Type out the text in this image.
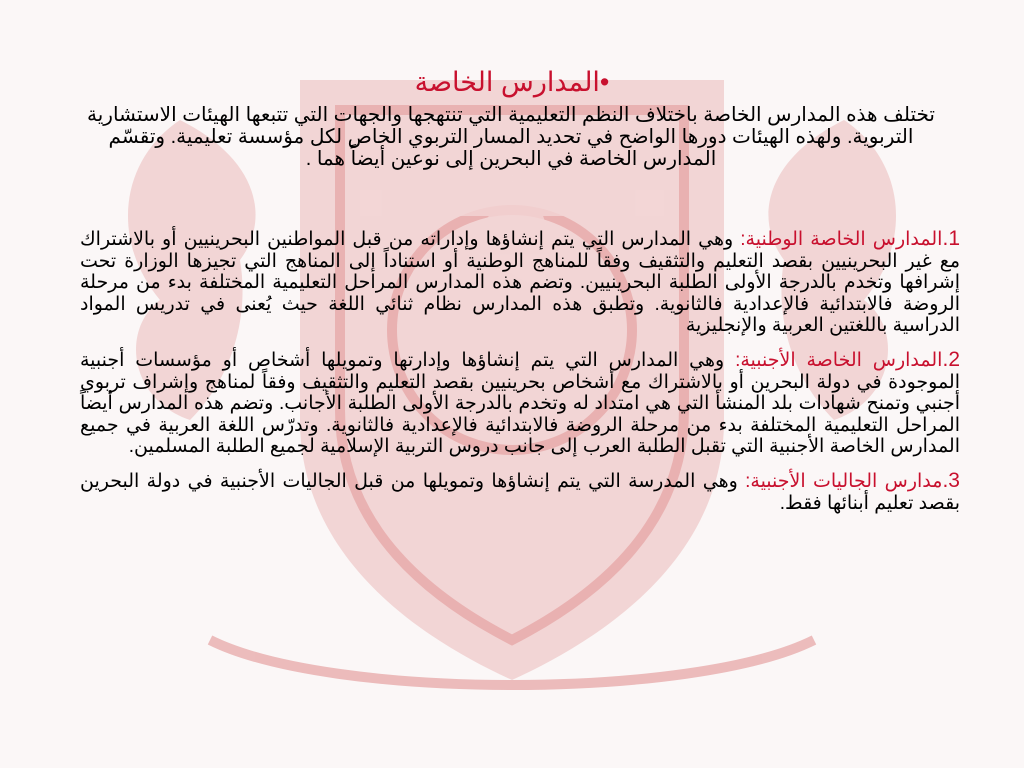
•المدارس الخاصة

تختلف هذه المدارس الخاصة باختلاف النظم التعليمية التي تنتهجها والجهات التي تتبعها الهيئات الاستشارية التربوية. ولهذه الهيئات دورها الواضح في تحديد المسار التربوي الخاص لكل مؤسسة تعليمية. وتقسّم المدارس الخاصة في البحرين إلى نوعين أيضاً هما .

1.المدارس الخاصة الوطنية: وهي المدارس التي يتم إنشاؤها وإداراته من قبل المواطنين البحرينيين أو بالاشتراك مع غير البحرينيين بقصد التعليم والتثقيف وفقاً للمناهج الوطنية أو استناداً إلى المناهج التي تجيزها الوزارة تحت إشرافها وتخدم بالدرجة الأولى الطلبة البحرينيين. وتضم هذه المدارس المراحل التعليمية المختلفة بدء من مرحلة الروضة فالابتدائية فالإعدادية فالثانوية. وتطبق هذه المدارس نظام ثنائي اللغة حيث يُعنى في تدريس المواد الدراسية باللغتين العربية والإنجليزية

2.المدارس الخاصة الأجنبية: وهي المدارس التي يتم إنشاؤها وإدارتها وتمويلها أشخاص أو مؤسسات أجنبية الموجودة في دولة البحرين أو بالاشتراك مع أشخاص بحرينيين بقصد التعليم والتثقيف وفقاً لمناهج وإشراف تربوي أجنبي وتمنح شهادات بلد المنشأ التي هي امتداد له وتخدم بالدرجة الأولى الطلبة الأجانب. وتضم هذه المدارس أيضاً المراحل التعليمية المختلفة بدء من مرحلة الروضة فالابتدائية فالإعدادية فالثانوية. وتدرّس اللغة العربية في جميع المدارس الخاصة الأجنبية التي تقبل الطلبة العرب إلى جانب دروس التربية الإسلامية لجميع الطلبة المسلمين.

3.مدارس الجاليات الأجنبية: وهي المدرسة التي يتم إنشاؤها وتمويلها من قبل الجاليات الأجنبية في دولة البحرين بقصد تعليم أبنائها فقط.
